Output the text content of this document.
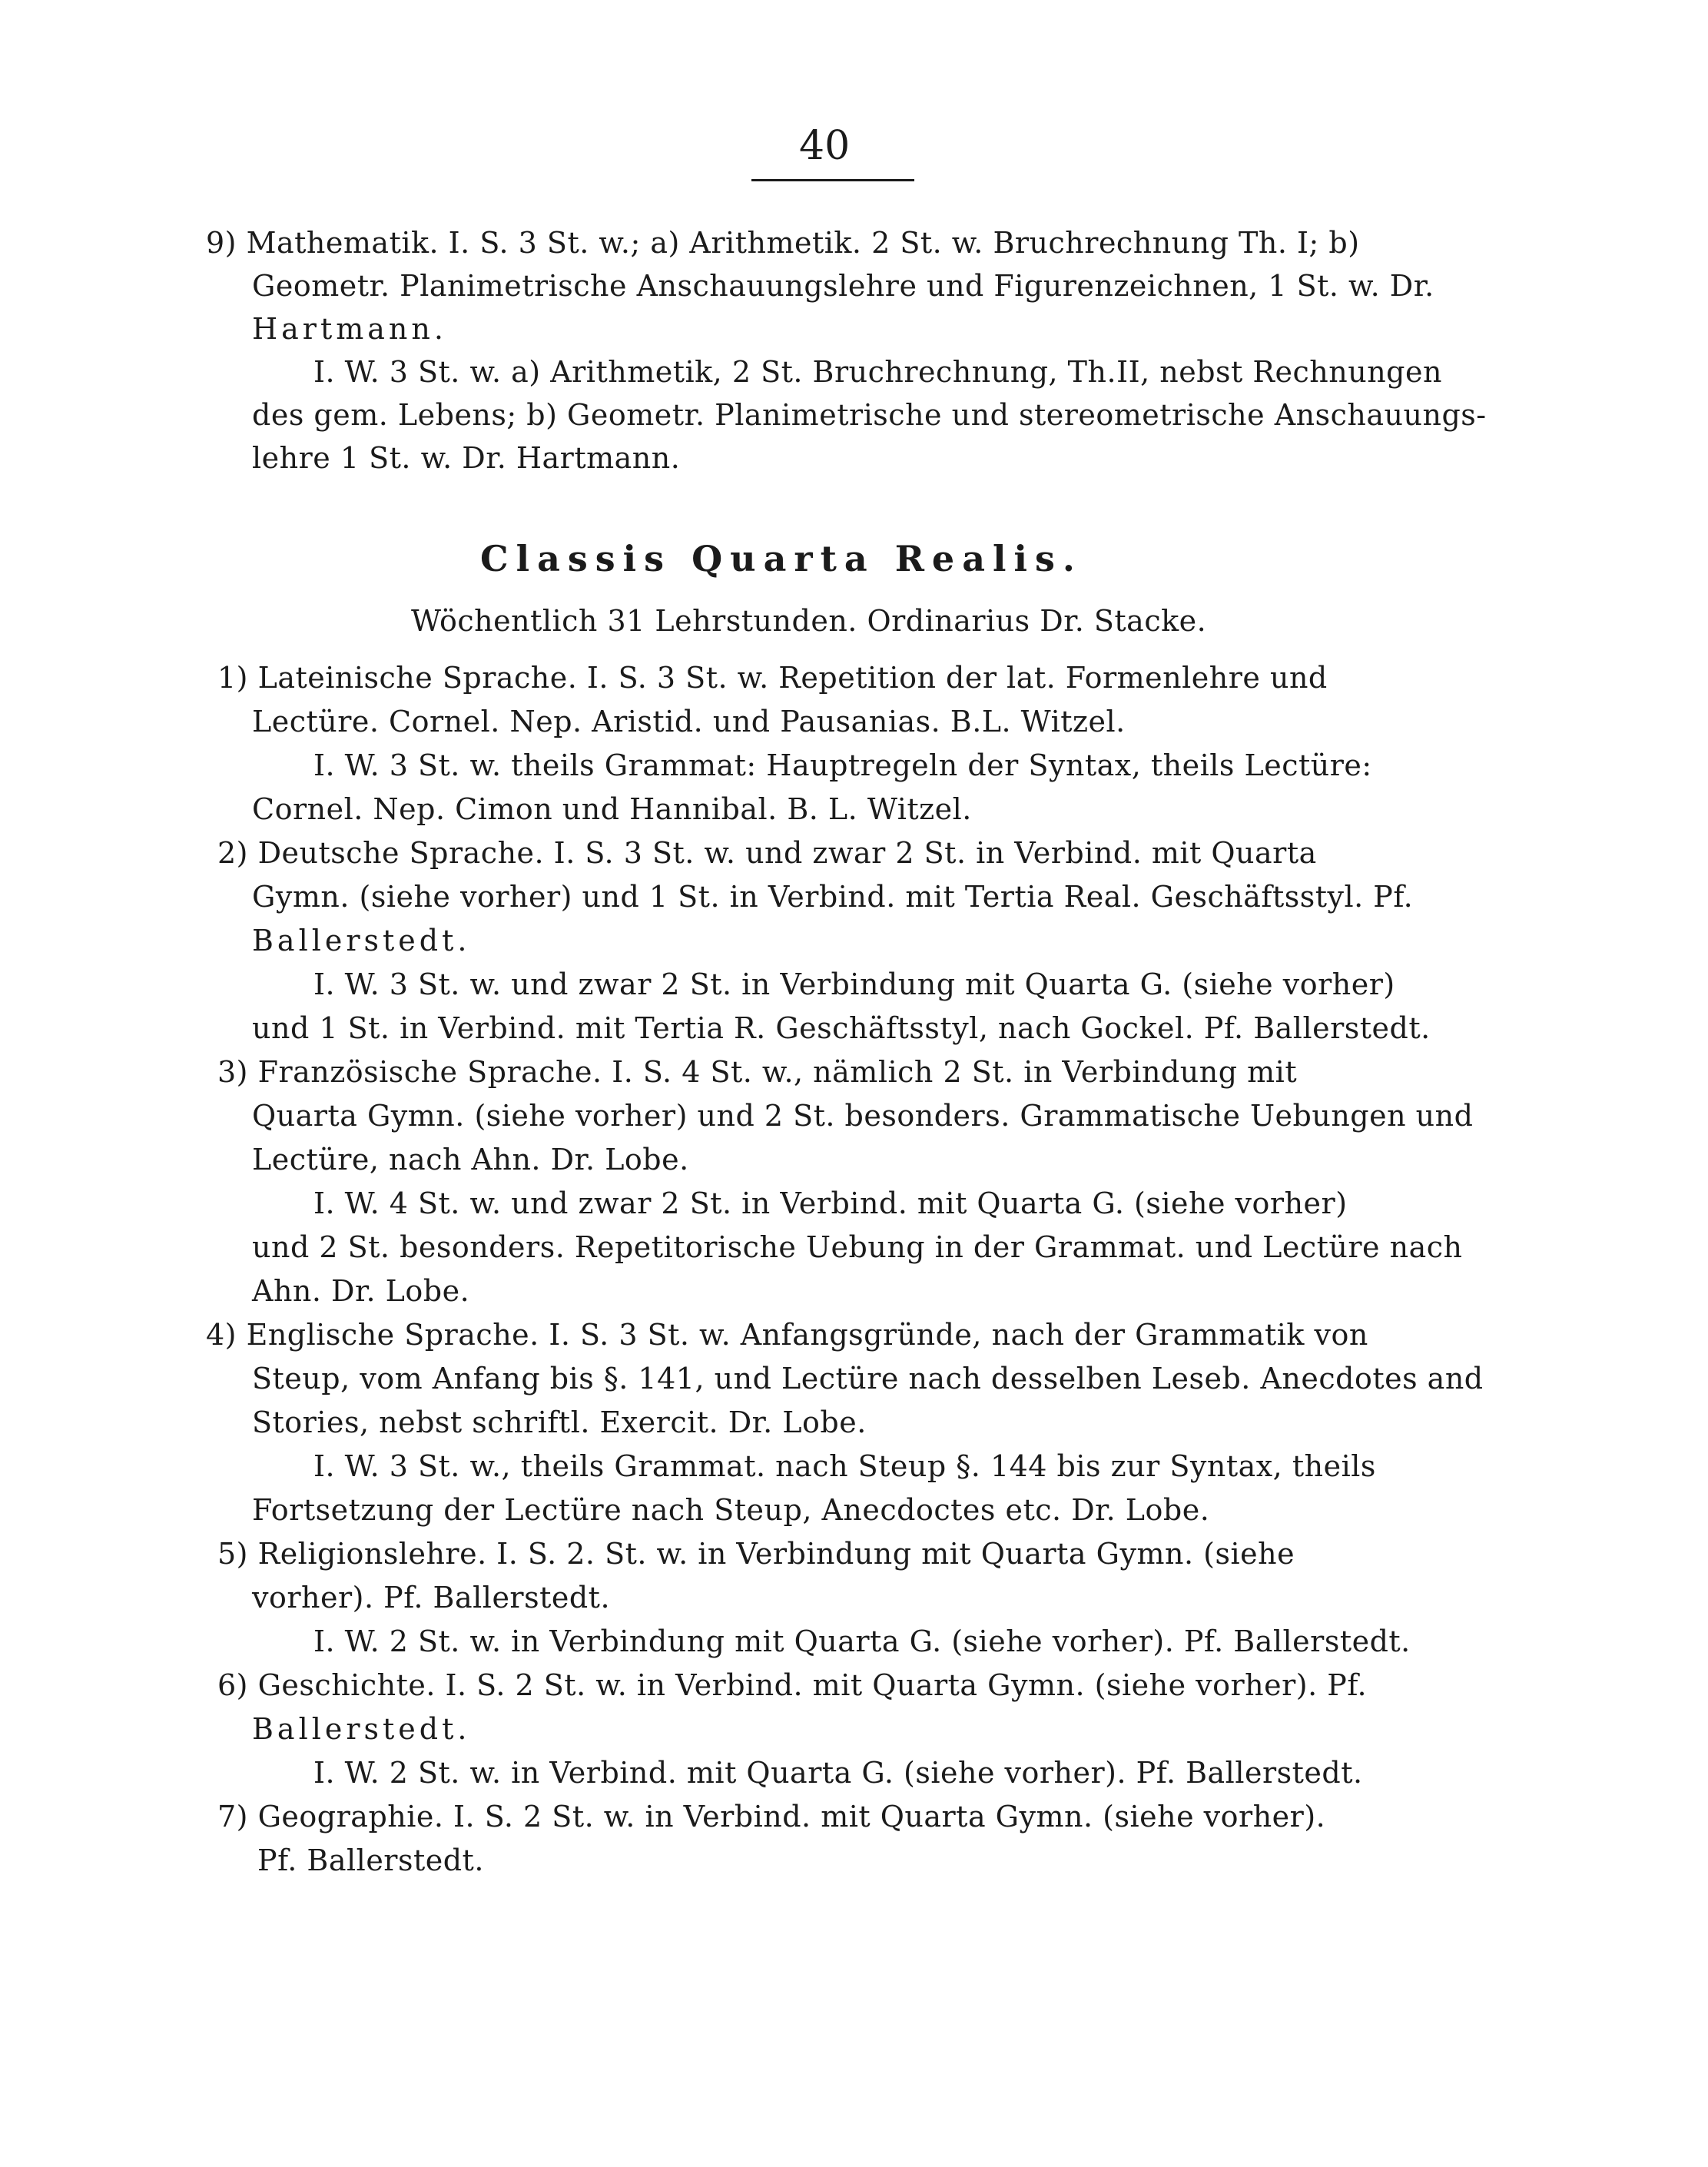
40
9) Mathematik. I. S. 3 St. w.; a) Arithmetik. 2 St. w. Bruchrechnung Th. I; b)
Geometr. Planimetrische Anschauungslehre und Figurenzeichnen, 1 St. w. Dr.
Hartmann.
I. W. 3 St. w. a) Arithmetik, 2 St. Bruchrechnung, Th.II, nebst Rechnungen
des gem. Lebens; b) Geometr. Planimetrische und stereometrische Anschauungs-
lehre 1 St. w. Dr. Hartmann.
Classis Quarta Realis.
Wöchentlich 31 Lehrstunden. Ordinarius Dr. Stacke.
1) Lateinische Sprache. I. S. 3 St. w. Repetition der lat. Formenlehre und
Lectüre. Cornel. Nep. Aristid. und Pausanias. B.L. Witzel.
I. W. 3 St. w. theils Grammat: Hauptregeln der Syntax, theils Lectüre:
Cornel. Nep. Cimon und Hannibal. B. L. Witzel.
2) Deutsche Sprache. I. S. 3 St. w. und zwar 2 St. in Verbind. mit Quarta
Gymn. (siehe vorher) und 1 St. in Verbind. mit Tertia Real. Geschäftsstyl. Pf.
Ballerstedt.
I. W. 3 St. w. und zwar 2 St. in Verbindung mit Quarta G. (siehe vorher)
und 1 St. in Verbind. mit Tertia R. Geschäftsstyl, nach Gockel. Pf. Ballerstedt.
3) Französische Sprache. I. S. 4 St. w., nämlich 2 St. in Verbindung mit
Quarta Gymn. (siehe vorher) und 2 St. besonders. Grammatische Uebungen und
Lectüre, nach Ahn. Dr. Lobe.
I. W. 4 St. w. und zwar 2 St. in Verbind. mit Quarta G. (siehe vorher)
und 2 St. besonders. Repetitorische Uebung in der Grammat. und Lectüre nach
Ahn. Dr. Lobe.
4) Englische Sprache. I. S. 3 St. w. Anfangsgründe, nach der Grammatik von
Steup, vom Anfang bis §. 141, und Lectüre nach desselben Leseb. Anecdotes and
Stories, nebst schriftl. Exercit. Dr. Lobe.
I. W. 3 St. w., theils Grammat. nach Steup §. 144 bis zur Syntax, theils
Fortsetzung der Lectüre nach Steup, Anecdoctes etc. Dr. Lobe.
5) Religionslehre. I. S. 2. St. w. in Verbindung mit Quarta Gymn. (siehe
vorher). Pf. Ballerstedt.
I. W. 2 St. w. in Verbindung mit Quarta G. (siehe vorher). Pf. Ballerstedt.
6) Geschichte. I. S. 2 St. w. in Verbind. mit Quarta Gymn. (siehe vorher). Pf.
Ballerstedt.
I. W. 2 St. w. in Verbind. mit Quarta G. (siehe vorher). Pf. Ballerstedt.
7) Geographie. I. S. 2 St. w. in Verbind. mit Quarta Gymn. (siehe vorher).
Pf. Ballerstedt.
